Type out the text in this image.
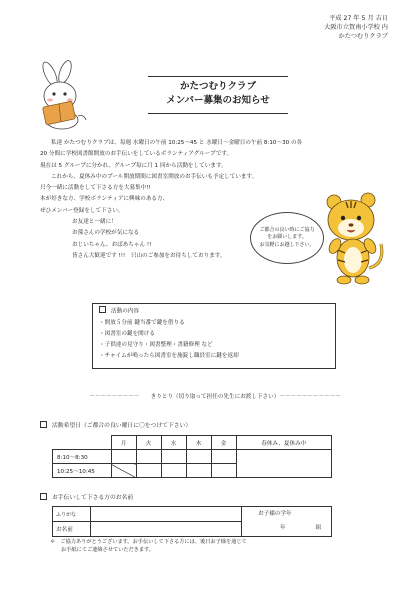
平成 27 年 5 月 吉日
大阪市立賀南小学校 内
かたつむりクラブ
かたつむりクラブ
メンバー募集のお知らせ

私達 かたつむりクラブは、毎週 水曜日の午前 10:25～45 と 水曜日～金曜日の午前 8:10～30 の各

20 分間に学校図書館開放のお手伝いをしているボランティアグループです。

現在は 5 グループに分かれ、グループ毎に月 1 回から活動をしています。

これから、夏休み中のプール開放期間に図書室開放のお手伝いも予定しています。

只今一緒に活動をして下さる方を大募集中!!

本が好きな方、学校ボランティアに興味のある方、

ぜひメンバー登録をして下さい。

お友達と一緒に！

お孫さんの学校が気になる

おじいちゃん、おばあちゃん !!

皆さん大歓迎です !!!　只山のご参加をお待ちしております。

ご都合の良い時にご協力
をお願いします。
お気軽にお越し下さい。
活動の内容
・開放５分前 鍵当番で鍵を借りる
・図書室の鍵を開ける
・子供達の見守り・図書整理・書籍修理 など
・チャイムが鳴ったら図書室を施錠し職員室に鍵を返却
－－－－－－－－－　　きりとり（切り取って担任の先生にお渡し下さい）－－－－－－－－－－－
活動希望日（ご都合の良い曜日に〇をつけて下さい）
	月	火	水	木	金	春休み、夏休み中
8:10～8:30						
10:25～10:45						
お手伝いして下さる方のお名前
ふりがな		お子様の学年
年 組

お名前		

＊　ご協力ありがとうございます。お手伝いして下さる方には、後日お子様を通じて

お手紙にてご連絡させていただきます。
